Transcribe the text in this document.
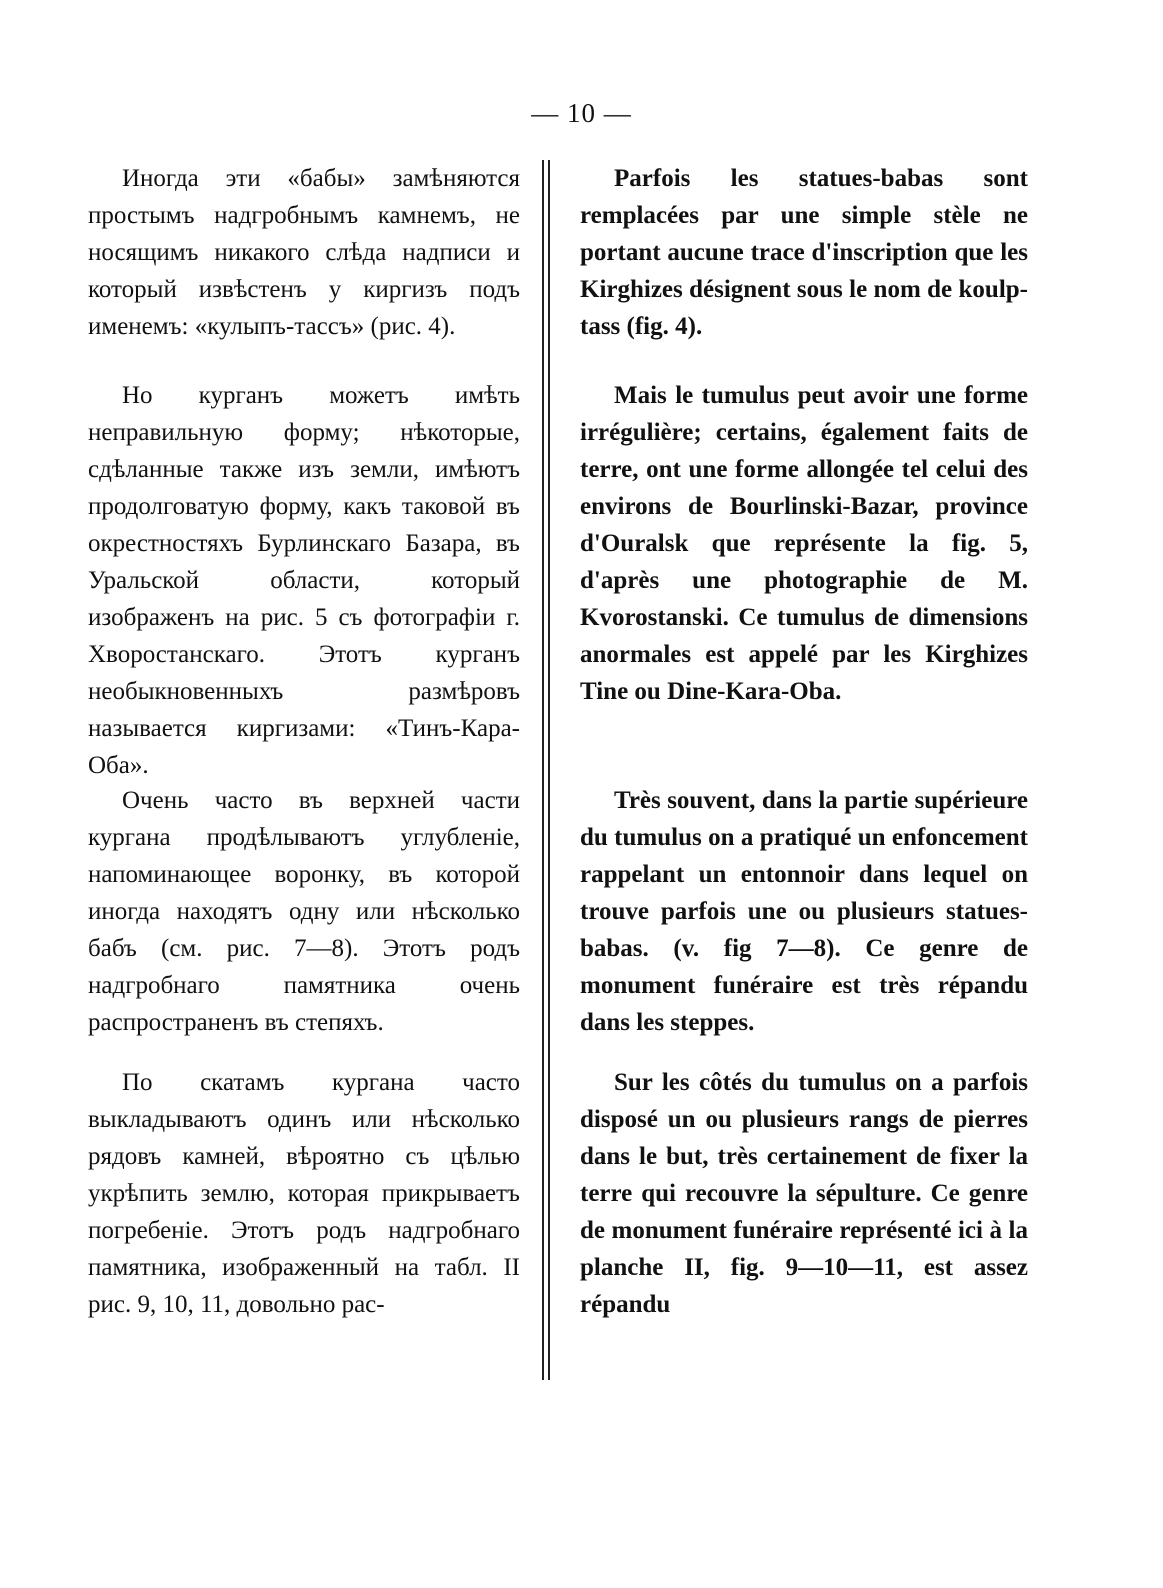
— 10 —

Иногда эти «бабы» замѣняются простымъ надгробнымъ камнемъ, не носящимъ никакого слѣда надписи и который извѣстенъ у киргизъ подъ именемъ: «кулыпъ-тассъ» (рис. 4).

Но курганъ можетъ имѣть неправильную форму; нѣкоторые, сдѣланные также изъ земли, имѣютъ продолговатую форму, какъ таковой въ окрестностяхъ Бурлинскаго Базара, въ Уральской области, который изображенъ на рис. 5 съ фотографіи г. Хворостанскаго. Этотъ курганъ необыкновенныхъ размѣровъ называется киргизами: «Тинъ-Кара-Оба».

Очень часто въ верхней части кургана продѣлываютъ углубленіе, напоминающее воронку, въ которой иногда находятъ одну или нѣсколько бабъ (см. рис. 7—8). Этотъ родъ надгробнаго памятника очень распространенъ въ степяхъ.

По скатамъ кургана часто выкладываютъ одинъ или нѣсколько рядовъ камней, вѣроятно съ цѣлью укрѣпить землю, которая прикрываетъ погребеніе. Этотъ родъ надгробнаго памятника, изображенный на табл. II рис. 9, 10, 11, довольно рас-

Parfois les statues-babas sont remplacées par une simple stèle ne portant aucune trace d'inscription que les Kirghizes désignent sous le nom de koulp-tass (fig. 4).

Mais le tumulus peut avoir une forme irrégulière; certains, également faits de terre, ont une forme allongée tel celui des environs de Bourlinski-Bazar, province d'Ouralsk que représente la fig. 5, d'après une photographie de M. Kvorostanski. Ce tumulus de dimensions anormales est appelé par les Kirghizes Tine ou Dine-Kara-Oba.

Très souvent, dans la partie supérieure du tumulus on a pratiqué un enfoncement rappelant un entonnoir dans lequel on trouve parfois une ou plusieurs statues-babas. (v. fig 7—8). Ce genre de monument funéraire est très répandu dans les steppes.

Sur les côtés du tumulus on a parfois disposé un ou plusieurs rangs de pierres dans le but, très certainement de fixer la terre qui recouvre la sépulture. Ce genre de monument funéraire représenté ici à la planche II, fig. 9—10—11, est assez répandu
